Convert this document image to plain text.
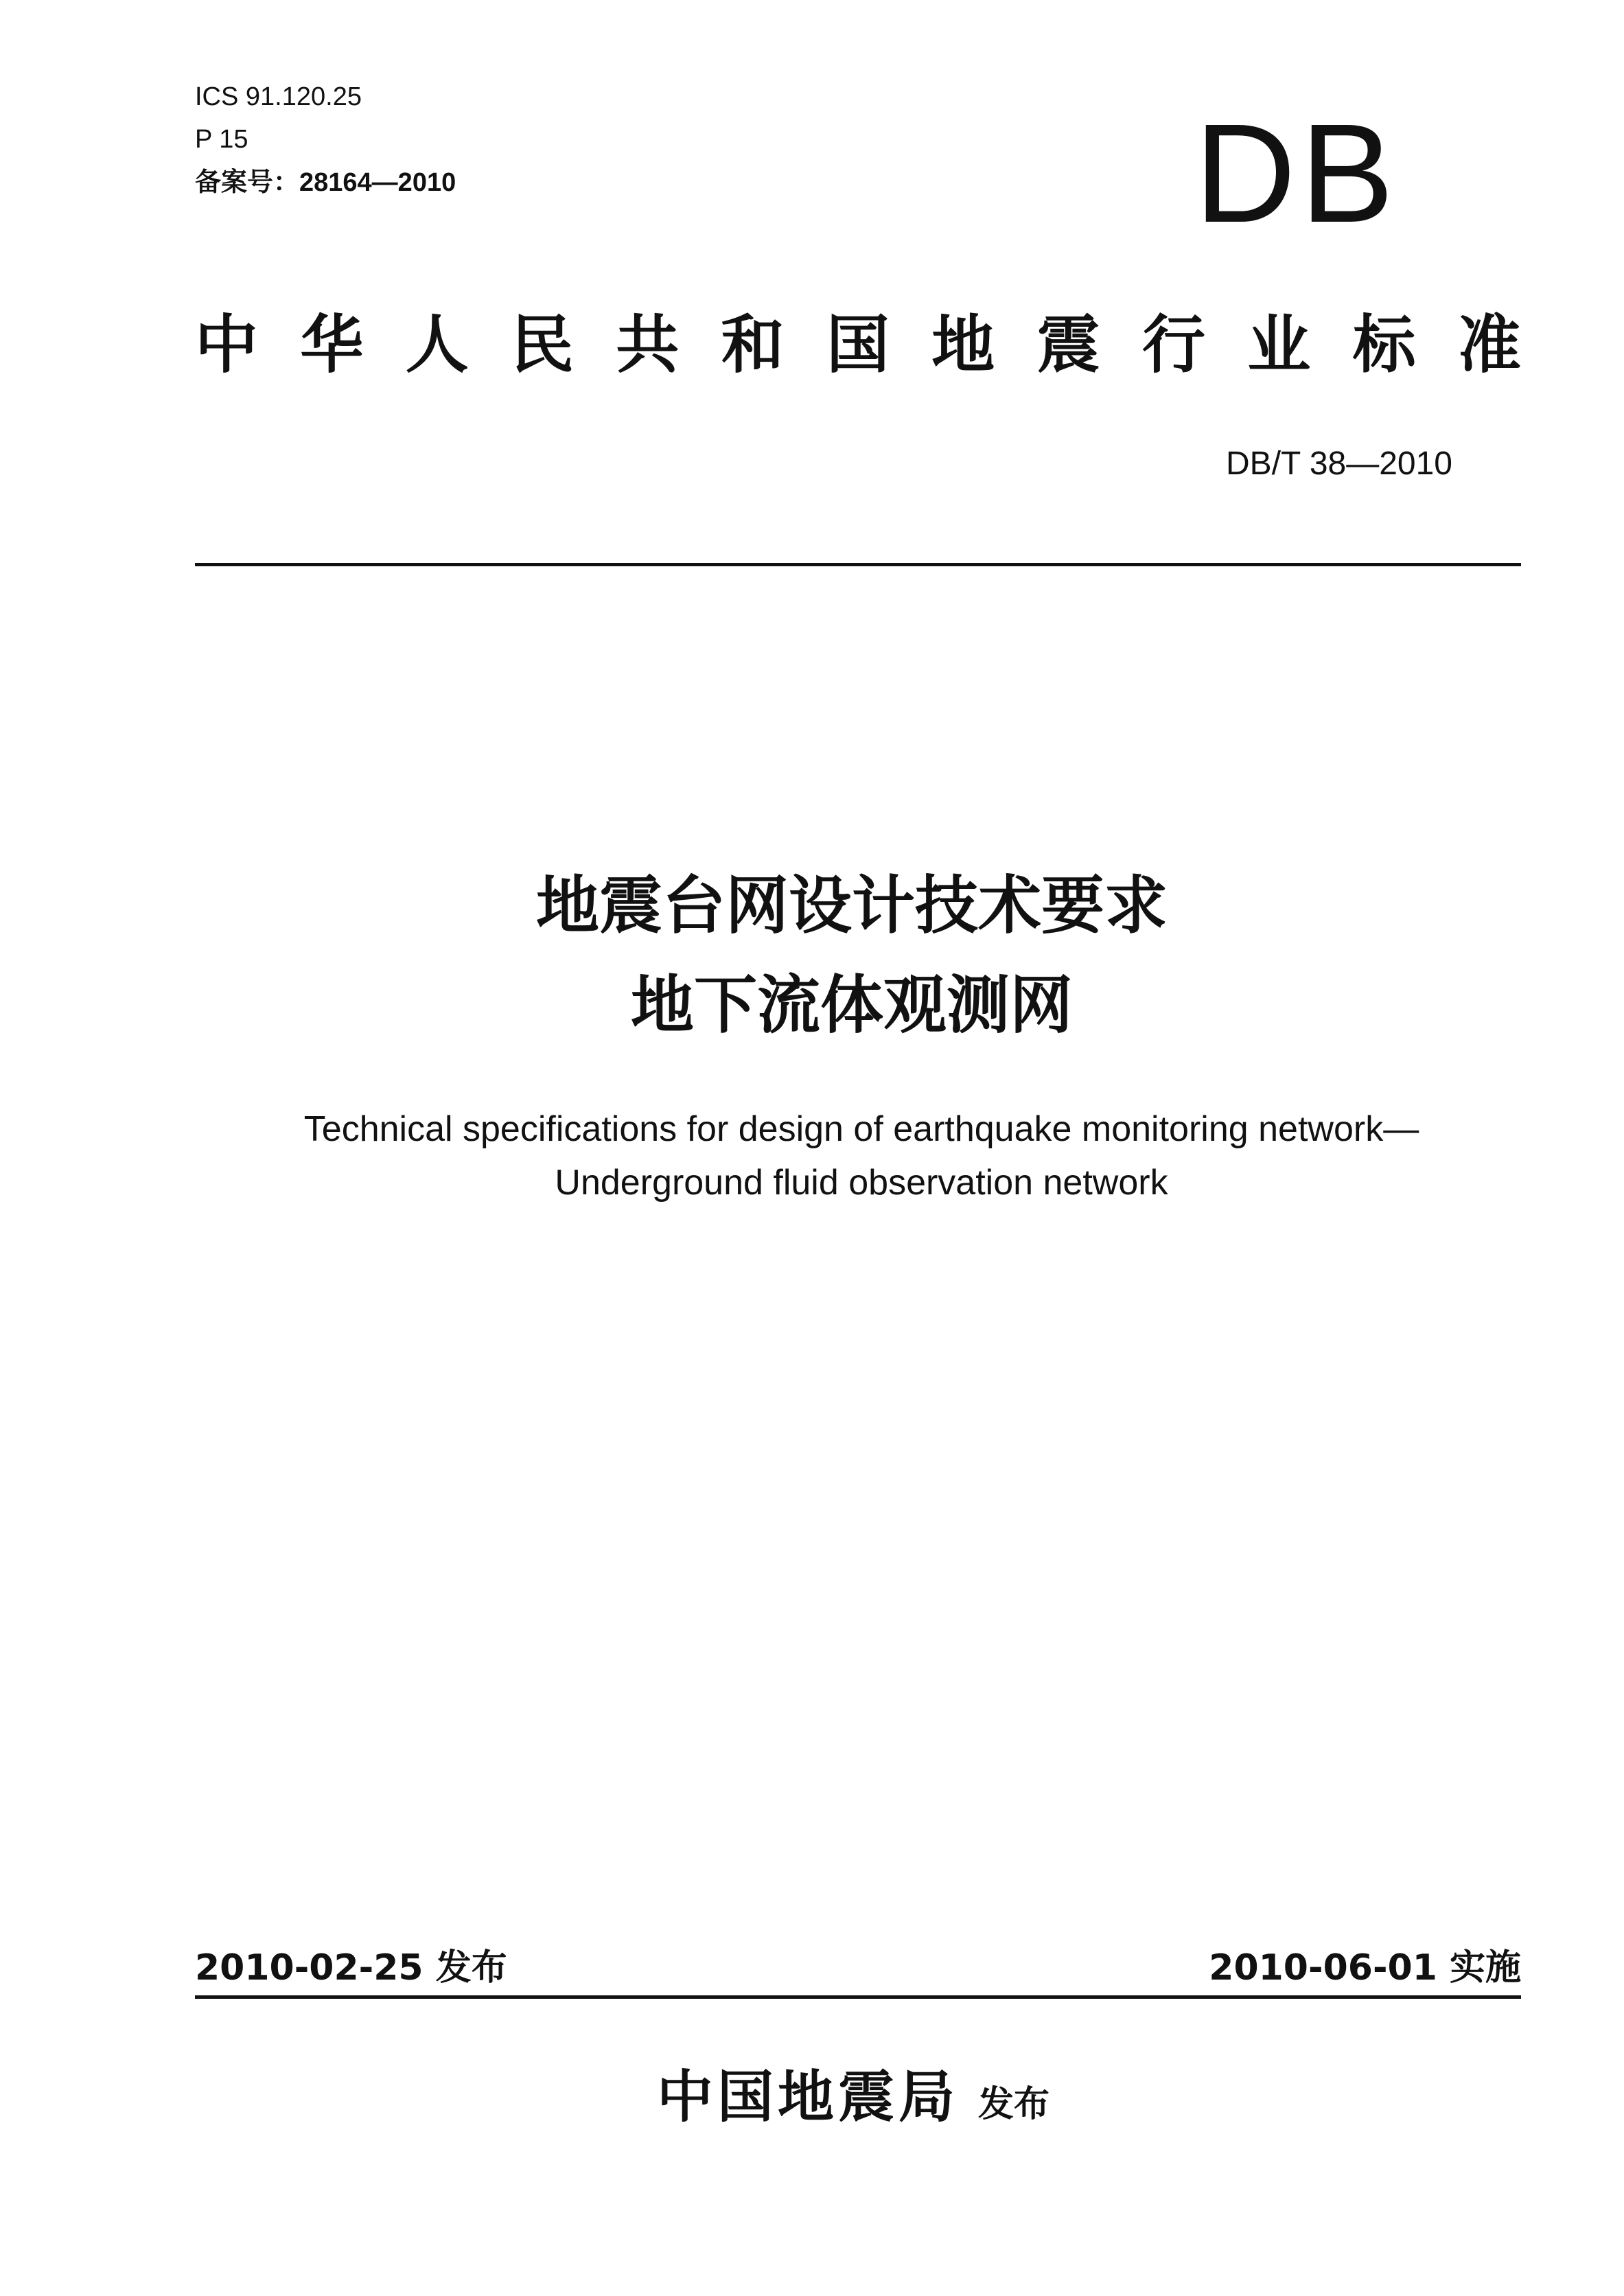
ICS 91.120.25
P 15
备案号：28164—2010	DB
中 华 人 民 共 和 国 地 震 行 业 标 准
DB/T 38—2010
地震台网设计技术要求
地下流体观测网
Technical specifications for design of earthquake monitoring network—
Underground fluid observation network
2010-02-25 发布	2010-06-01 实施
中国地震局 发布
